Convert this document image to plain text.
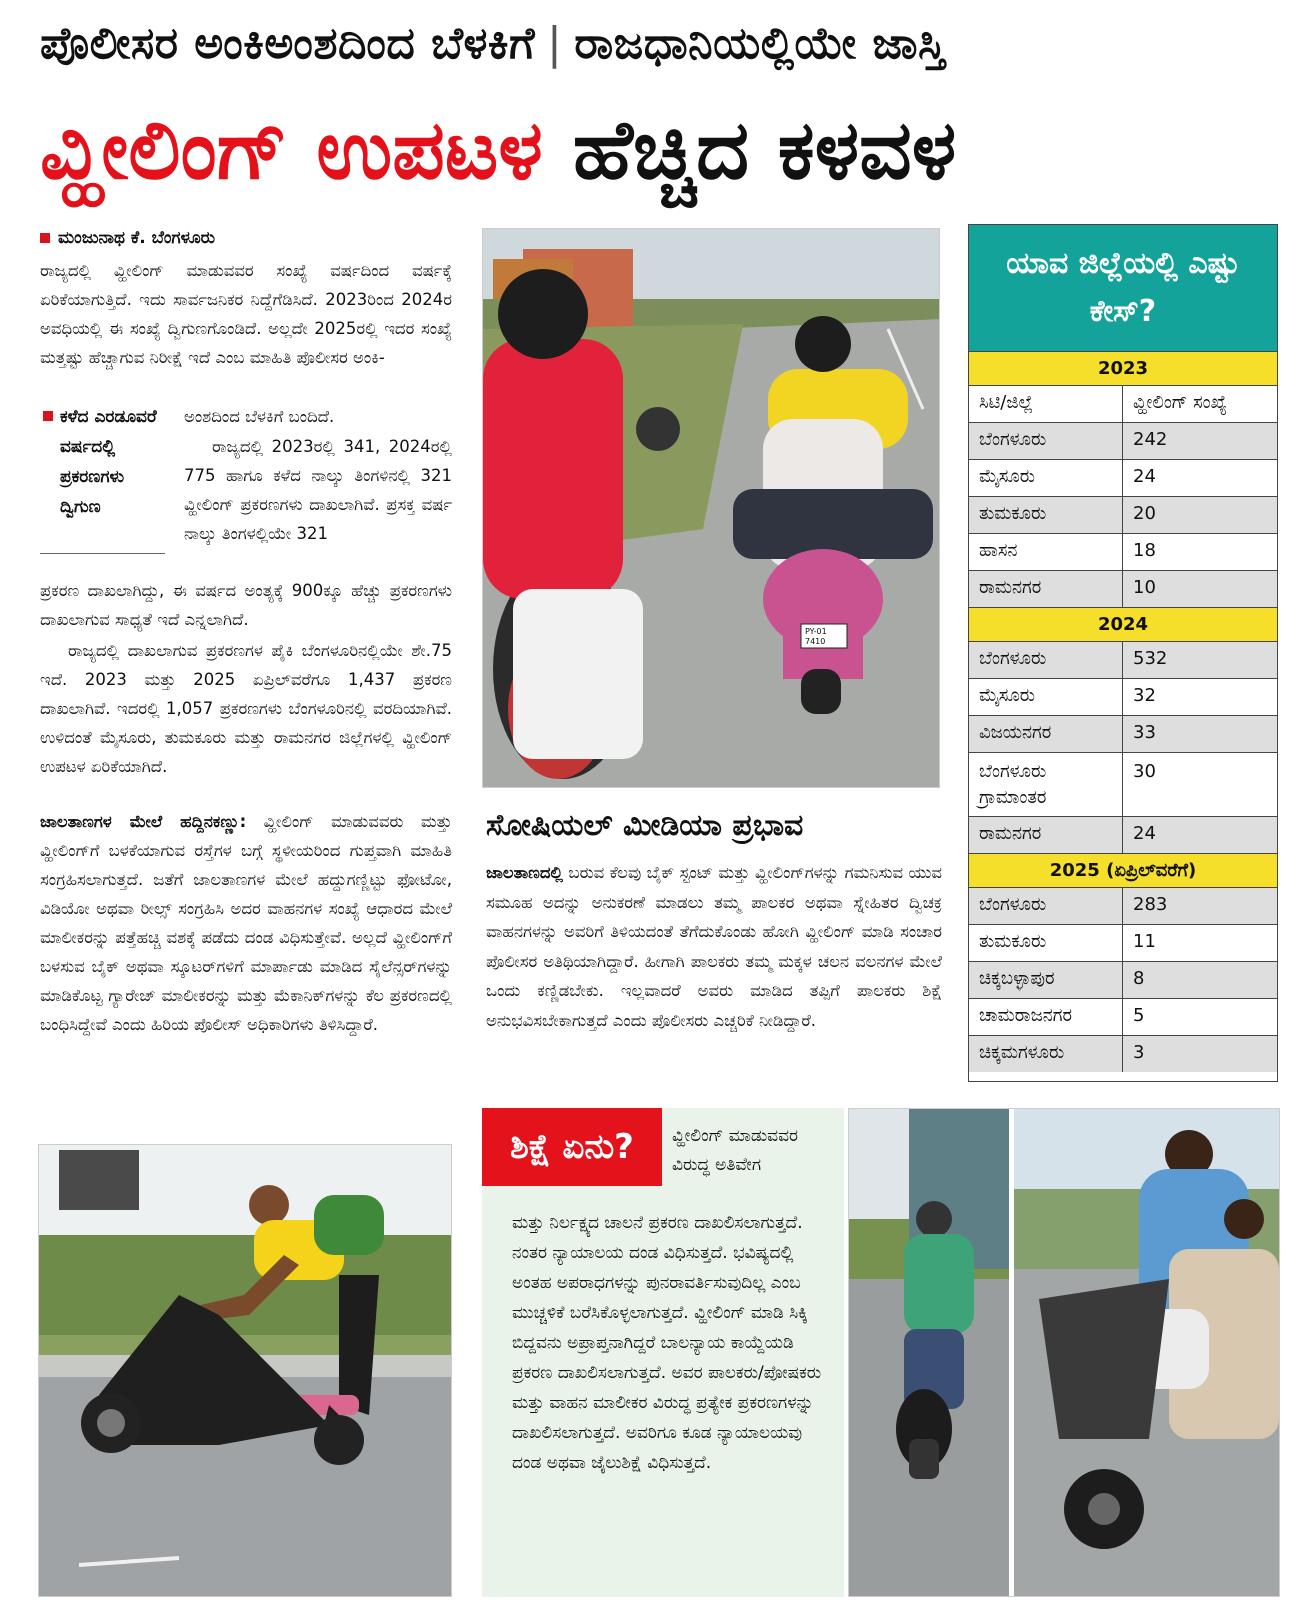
ಪೊಲೀಸರ ಅಂಕಿಅಂಶದಿಂದ ಬೆಳಕಿಗೆ | ರಾಜಧಾನಿಯಲ್ಲಿಯೇ ಜಾಸ್ತಿ
ವ್ಹೀಲಿಂಗ್ ಉಪಟಳ ಹೆಚ್ಚಿದ ಕಳವಳ
ಮಂಜುನಾಥ ಕೆ. ಬೆಂಗಳೂರು
ರಾಜ್ಯದಲ್ಲಿ ವ್ಹೀಲಿಂಗ್ ಮಾಡುವವರ ಸಂಖ್ಯೆ ವರ್ಷದಿಂದ ವರ್ಷಕ್ಕೆ ಏರಿಕೆಯಾಗುತ್ತಿದೆ. ಇದು ಸಾರ್ವಜನಿಕರ ನಿದ್ದೆಗೆಡಿಸಿದೆ. 2023ರಿಂದ 2024ರ ಅವಧಿಯಲ್ಲಿ ಈ ಸಂಖ್ಯೆ ದ್ವಿಗುಣಗೊಂಡಿದೆ. ಅಲ್ಲದೇ 2025ರಲ್ಲಿ ಇದರ ಸಂಖ್ಯೆ ಮತ್ತಷ್ಟು ಹೆಚ್ಚಾಗುವ ನಿರೀಕ್ಷೆ ಇದೆ ಎಂಬ ಮಾಹಿತಿ ಪೊಲೀಸರ ಅಂಕಿ-
ಕಳೆದ ಎರಡೂವರೆ ವರ್ಷದಲ್ಲಿ ಪ್ರಕರಣಗಳು ದ್ವಿಗುಣ
ಅಂಶದಿಂದ ಬೆಳಕಿಗೆ ಬಂದಿದೆ.
ರಾಜ್ಯದಲ್ಲಿ 2023ರಲ್ಲಿ 341, 2024ರಲ್ಲಿ 775 ಹಾಗೂ ಕಳೆದ ನಾಲ್ಕು ತಿಂಗಳಿನಲ್ಲಿ 321 ವ್ಹೀಲಿಂಗ್ ಪ್ರಕರಣಗಳು ದಾಖಲಾಗಿವೆ. ಪ್ರಸಕ್ತ ವರ್ಷ ನಾಲ್ಕು ತಿಂಗಳಲ್ಲಿಯೇ 321
ಪ್ರಕರಣ ದಾಖಲಾಗಿದ್ದು, ಈ ವರ್ಷದ ಅಂತ್ಯಕ್ಕೆ 900ಕ್ಕೂ ಹೆಚ್ಚು ಪ್ರಕರಣಗಳು ದಾಖಲಾಗುವ ಸಾಧ್ಯತೆ ಇದೆ ಎನ್ನಲಾಗಿದೆ.
ರಾಜ್ಯದಲ್ಲಿ ದಾಖಲಾಗುವ ಪ್ರಕರಣಗಳ ಪೈಕಿ ಬೆಂಗಳೂರಿನಲ್ಲಿಯೇ ಶೇ.75 ಇದೆ. 2023 ಮತ್ತು 2025 ಏಪ್ರಿಲ್‌ವರೆಗೂ 1,437 ಪ್ರಕರಣ ದಾಖಲಾಗಿವೆ. ಇದರಲ್ಲಿ 1,057 ಪ್ರಕರಣಗಳು ಬೆಂಗಳೂರಿನಲ್ಲಿ ವರದಿಯಾಗಿವೆ. ಉಳಿದಂತೆ ಮೈಸೂರು, ತುಮಕೂರು ಮತ್ತು ರಾಮನಗರ ಜಿಲ್ಲೆಗಳಲ್ಲಿ ವ್ಹೀಲಿಂಗ್ ಉಪಟಳ ಏರಿಕೆಯಾಗಿದೆ.
ಜಾಲತಾಣಗಳ ಮೇಲೆ ಹದ್ದಿನಕಣ್ಣು: ವ್ಹೀಲಿಂಗ್ ಮಾಡುವವರು ಮತ್ತು ವ್ಹೀಲಿಂಗ್‌ಗೆ ಬಳಕೆಯಾಗುವ ರಸ್ತೆಗಳ ಬಗ್ಗೆ ಸ್ಥಳೀಯರಿಂದ ಗುಪ್ತವಾಗಿ ಮಾಹಿತಿ ಸಂಗ್ರಹಿಸಲಾಗುತ್ತದೆ. ಜತೆಗೆ ಜಾಲತಾಣಗಳ ಮೇಲೆ ಹದ್ದುಗಣ್ಣಿಟ್ಟು ಫೋಟೋ, ವಿಡಿಯೋ ಅಥವಾ ರೀಲ್ಸ್ ಸಂಗ್ರಹಿಸಿ ಅದರ ವಾಹನಗಳ ಸಂಖ್ಯೆ ಆಧಾರದ ಮೇಲೆ ಮಾಲೀಕರನ್ನು ಪತ್ತೆಹಚ್ಚಿ ವಶಕ್ಕೆ ಪಡೆದು ದಂಡ ವಿಧಿಸುತ್ತೇವೆ. ಅಲ್ಲದೆ ವ್ಹೀಲಿಂಗ್‌ಗೆ ಬಳಸುವ ಬೈಕ್ ಅಥವಾ ಸ್ಕೂಟರ್‌ಗಳಿಗೆ ಮಾರ್ಪಾಡು ಮಾಡಿದ ಸೈಲೆನ್ಸರ್‌ಗಳನ್ನು ಮಾಡಿಕೊಟ್ಟ ಗ್ಯಾರೇಜ್ ಮಾಲೀಕರನ್ನು ಮತ್ತು ಮೆಕಾನಿಕ್‌ಗಳನ್ನು ಕೆಲ ಪ್ರಕರಣದಲ್ಲಿ ಬಂಧಿಸಿದ್ದೇವೆ ಎಂದು ಹಿರಿಯ ಪೊಲೀಸ್ ಅಧಿಕಾರಿಗಳು ತಿಳಿಸಿದ್ದಾರೆ.
PY-01
7410
ಸೋಷಿಯಲ್ ಮೀಡಿಯಾ ಪ್ರಭಾವ
ಜಾಲತಾಣದಲ್ಲಿ ಬರುವ ಕೆಲವು ಬೈಕ್ ಸ್ಟಂಟ್ ಮತ್ತು ವ್ಹೀಲಿಂಗ್‌ಗಳನ್ನು ಗಮನಿಸುವ ಯುವ ಸಮೂಹ ಅದನ್ನು ಅನುಕರಣೆ ಮಾಡಲು ತಮ್ಮ ಪಾಲಕರ ಅಥವಾ ಸ್ನೇಹಿತರ ದ್ವಿಚಕ್ರ ವಾಹನಗಳನ್ನು ಅವರಿಗೆ ತಿಳಿಯದಂತೆ ತೆಗೆದುಕೊಂಡು ಹೋಗಿ ವ್ಹೀಲಿಂಗ್ ಮಾಡಿ ಸಂಚಾರ ಪೊಲೀಸರ ಅತಿಥಿಯಾಗಿದ್ದಾರೆ. ಹೀಗಾಗಿ ಪಾಲಕರು ತಮ್ಮ ಮಕ್ಕಳ ಚಲನ ವಲನಗಳ ಮೇಲೆ ಒಂದು ಕಣ್ಣಿಡಬೇಕು. ಇಲ್ಲವಾದರೆ ಅವರು ಮಾಡಿದ ತಪ್ಪಿಗೆ ಪಾಲಕರು ಶಿಕ್ಷೆ ಅನುಭವಿಸಬೇಕಾಗುತ್ತದೆ ಎಂದು ಪೊಲೀಸರು ಎಚ್ಚರಿಕೆ ನೀಡಿದ್ದಾರೆ.
ಶಿಕ್ಷೆ ಏನು?	ವ್ಹೀಲಿಂಗ್ ಮಾಡುವವರ ವಿರುದ್ಧ ಅತಿವೇಗ
ಮತ್ತು ನಿರ್ಲಕ್ಷ್ಯದ ಚಾಲನೆ ಪ್ರಕರಣ ದಾಖಲಿಸಲಾಗುತ್ತದೆ. ನಂತರ ನ್ಯಾಯಾಲಯ ದಂಡ ವಿಧಿಸುತ್ತದೆ. ಭವಿಷ್ಯದಲ್ಲಿ ಅಂತಹ ಅಪರಾಧಗಳನ್ನು ಪುನರಾವರ್ತಿಸುವುದಿಲ್ಲ ಎಂಬ ಮುಚ್ಚಳಿಕೆ ಬರೆಸಿಕೊಳ್ಳಲಾಗುತ್ತದೆ. ವ್ಹೀಲಿಂಗ್ ಮಾಡಿ ಸಿಕ್ಕಿ ಬಿದ್ದವನು ಅಪ್ರಾಪ್ತನಾಗಿದ್ದರೆ ಬಾಲನ್ಯಾಯ ಕಾಯ್ದೆಯಡಿ ಪ್ರಕರಣ ದಾಖಲಿಸಲಾಗುತ್ತದೆ. ಅವರ ಪಾಲಕರು/ಪೋಷಕರು ಮತ್ತು ವಾಹನ ಮಾಲೀಕರ ವಿರುದ್ಧ ಪ್ರತ್ಯೇಕ ಪ್ರಕರಣಗಳನ್ನು ದಾಖಲಿಸಲಾಗುತ್ತದೆ. ಅವರಿಗೂ ಕೂಡ ನ್ಯಾಯಾಲಯವು ದಂಡ ಅಥವಾ ಜೈಲುಶಿಕ್ಷೆ ವಿಧಿಸುತ್ತದೆ.
ಯಾವ ಜಿಲ್ಲೆಯಲ್ಲಿ ಎಷ್ಟು ಕೇಸ್?
2023
ಸಿಟಿ/ಜಿಲ್ಲೆ	ವ್ಹೀಲಿಂಗ್ ಸಂಖ್ಯೆ
ಬೆಂಗಳೂರು	242
ಮೈಸೂರು	24
ತುಮಕೂರು	20
ಹಾಸನ	18
ರಾಮನಗರ	10
2024
ಬೆಂಗಳೂರು	532
ಮೈಸೂರು	32
ವಿಜಯನಗರ	33
ಬೆಂಗಳೂರು ಗ್ರಾಮಾಂತರ
30
ರಾಮನಗರ	24
2025 (ಏಪ್ರಿಲ್‌ವರೆಗೆ)
ಬೆಂಗಳೂರು	283
ತುಮಕೂರು	11
ಚಿಕ್ಕಬಳ್ಳಾಪುರ	8
ಚಾಮರಾಜನಗರ	5
ಚಿಕ್ಕಮಗಳೂರು	3
